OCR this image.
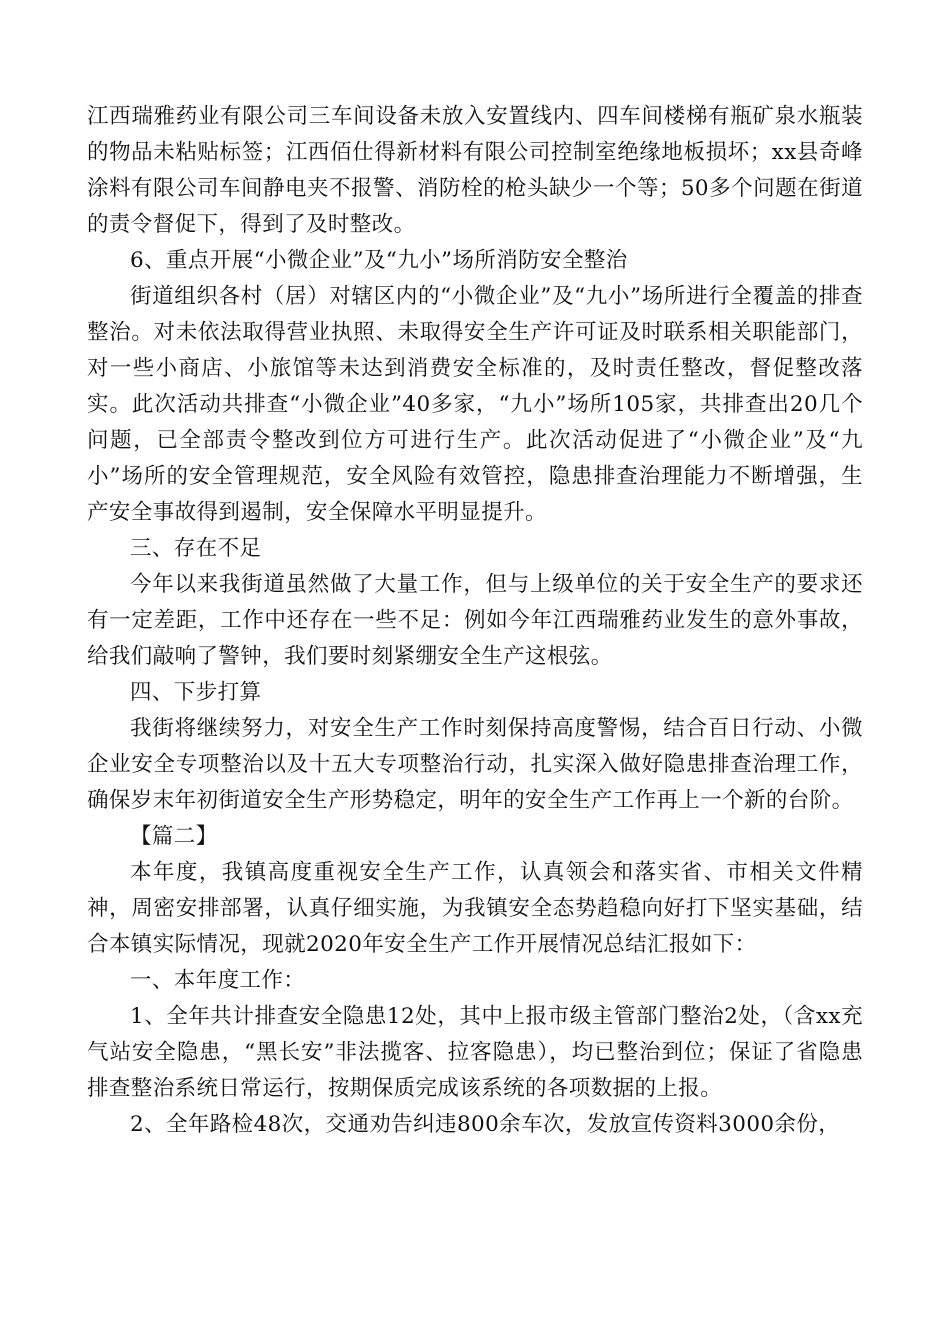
江西瑞雅药业有限公司三车间设备未放入安置线内、四车间楼梯有瓶矿泉水瓶装的物品未粘贴标签；江西佰仕得新材料有限公司控制室绝缘地板损坏；xx县奇峰涂料有限公司车间静电夹不报警、消防栓的枪头缺少一个等；50多个问题在街道的责令督促下，得到了及时整改。

6、重点开展“小微企业”及“九小”场所消防安全整治

街道组织各村（居）对辖区内的“小微企业”及“九小”场所进行全覆盖的排查整治。对未依法取得营业执照、未取得安全生产许可证及时联系相关职能部门，对一些小商店、小旅馆等未达到消费安全标准的，及时责任整改，督促整改落实。此次活动共排查“小微企业”40多家，“九小”场所105家，共排查出20几个问题，已全部责令整改到位方可进行生产。此次活动促进了“小微企业”及“九小”场所的安全管理规范，安全风险有效管控，隐患排查治理能力不断增强，生产安全事故得到遏制，安全保障水平明显提升。

三、存在不足

今年以来我街道虽然做了大量工作，但与上级单位的关于安全生产的要求还有一定差距，工作中还存在一些不足：例如今年江西瑞雅药业发生的意外事故，给我们敲响了警钟，我们要时刻紧绷安全生产这根弦。

四、下步打算

我街将继续努力，对安全生产工作时刻保持高度警惕，结合百日行动、小微企业安全专项整治以及十五大专项整治行动，扎实深入做好隐患排查治理工作，确保岁末年初街道安全生产形势稳定，明年的安全生产工作再上一个新的台阶。

【篇二】

本年度，我镇高度重视安全生产工作，认真领会和落实省、市相关文件精神，周密安排部署，认真仔细实施，为我镇安全态势趋稳向好打下坚实基础，结合本镇实际情况，现就2020年安全生产工作开展情况总结汇报如下：

一、本年度工作：

1、全年共计排查安全隐患12处，其中上报市级主管部门整治2处，（含xx充气站安全隐患，“黑长安”非法揽客、拉客隐患），均已整治到位；保证了省隐患排查整治系统日常运行，按期保质完成该系统的各项数据的上报。

2、全年路检48次，交通劝告纠违800余车次，发放宣传资料3000余份，
